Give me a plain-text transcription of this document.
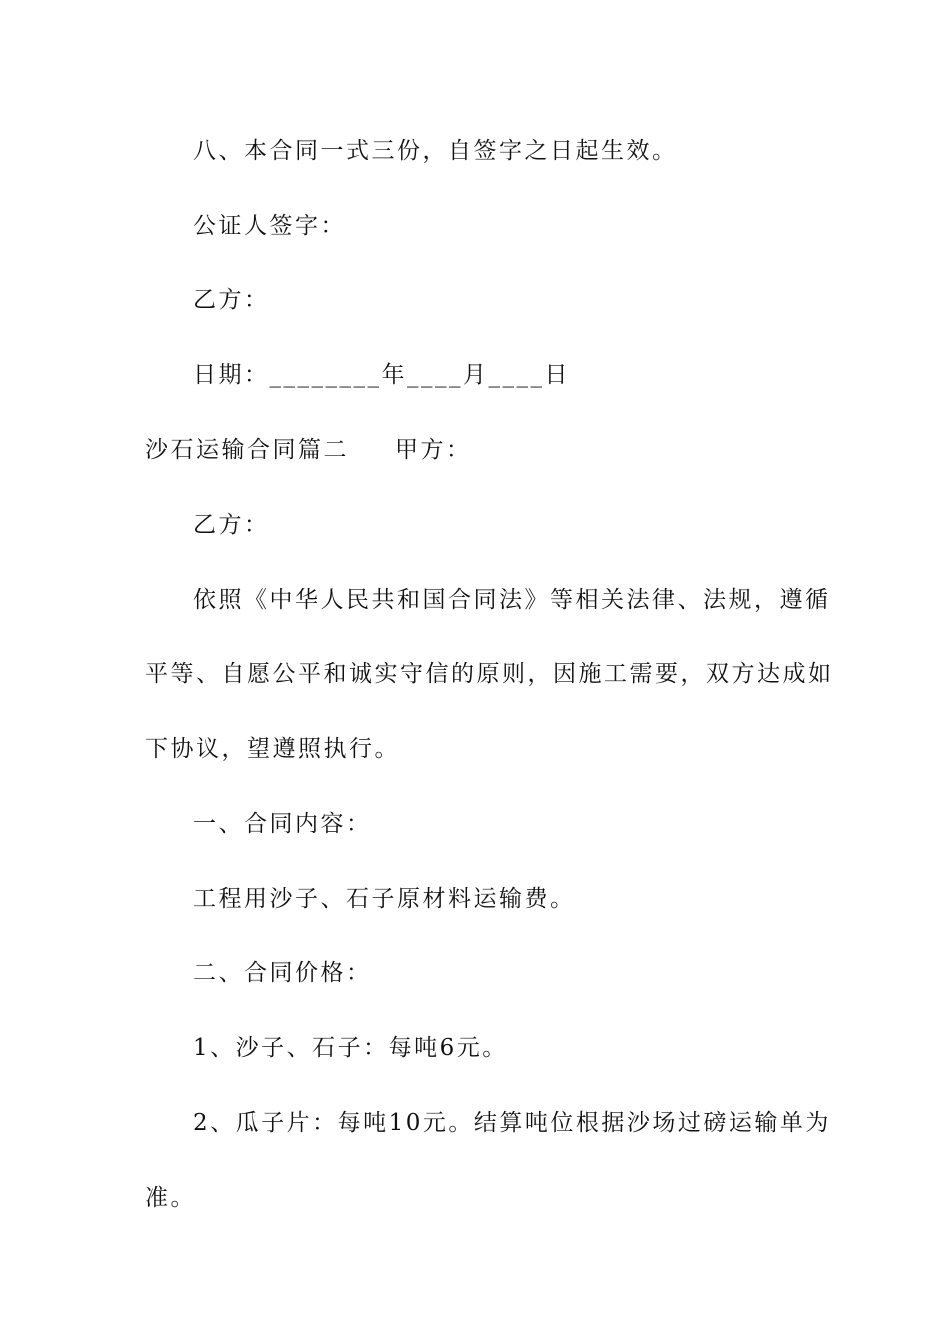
八、本合同一式三份，自签字之日起生效。
公证人签字：
乙方：
日期：________年____月____日
沙石运输合同篇二 甲方：
乙方：
依照《中华人民共和国合同法》等相关法律、法规，遵循
平等、自愿公平和诚实守信的原则，因施工需要，双方达成如
下协议，望遵照执行。
一、合同内容：
工程用沙子、石子原材料运输费。
二、合同价格：
1、沙子、石子：每吨6元。
2、瓜子片：每吨10元。结算吨位根据沙场过磅运输单为
准。
